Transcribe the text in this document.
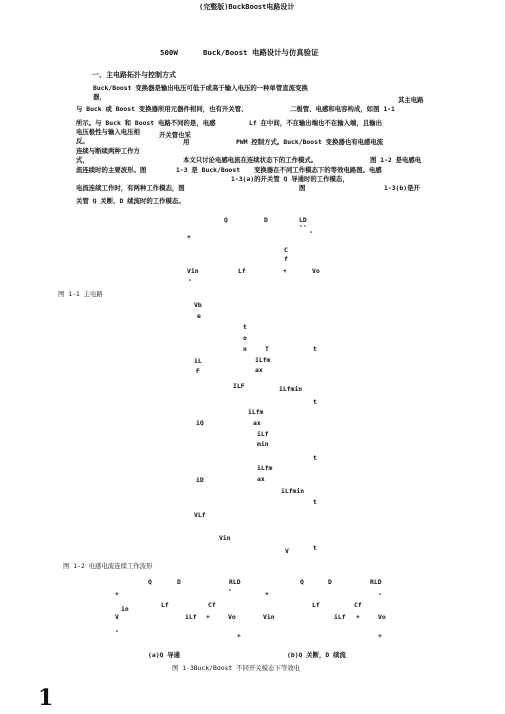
(完整版)BuckBoost电路设计
500W	Buck/Boost 电路设计与仿真验证
一、主电路拓扑与控制方式
Buck/Boost 变换器是输出电压可低于或高于输入电压的一种单管直流变换
器，	其主电路
与 Buck 或 Boost 变换器所用元器件相同，也有开关管、	二极管、电感和电容构成，如图 1-1
所示。与 Buck 和 Boost 电路不同的是，电感	Lf 在中间，不在输出端也不在输入端，且输出
电压极性与输入电压相	开关管也采
反。	用	PWM 控制方式。Buck/Boost 变换器也有电感电流
连续与断续两种工作方
式，	本文只讨论电感电流在连续状态下的工作模式。	图 1-2 是电感电
流连续时的主要波形。图	1-3 是 Buck/Boost 变换器在不同工作模态下的等效电路图。电感
1-3(a)的开关管 Q 导通时的工作模态，
电流连续工作时，有两种工作模态，图	图	1-3(b)是开
关管 Q 关断、D 续流时的工作模态。
Q	D	LD
--
-
+
C
f
Vin	Lf	+	Vo
-
图 1-1 主电路
Vb
e
t
o
n	T	t
iL	iLfm
F	ax
ILF	iLfmin
t
iLfm
iQ	ax
iLf
min
t
iLfm
iD	ax
iLfmin
t
VLf
Vin
V	t
图 1-2 电感电流连续工作波形
Q	D	RLD
+	-
in	Lf	Cf
V	iLf +	Vo
-
+
Q	D	RLD
+	-
Lf	Cf
Vin	iLf +	Vo
+
(a)Q 导通	(b)Q 关断，D 续流
图 1-3Buck/Boost 不同开关模态下等效电
1
